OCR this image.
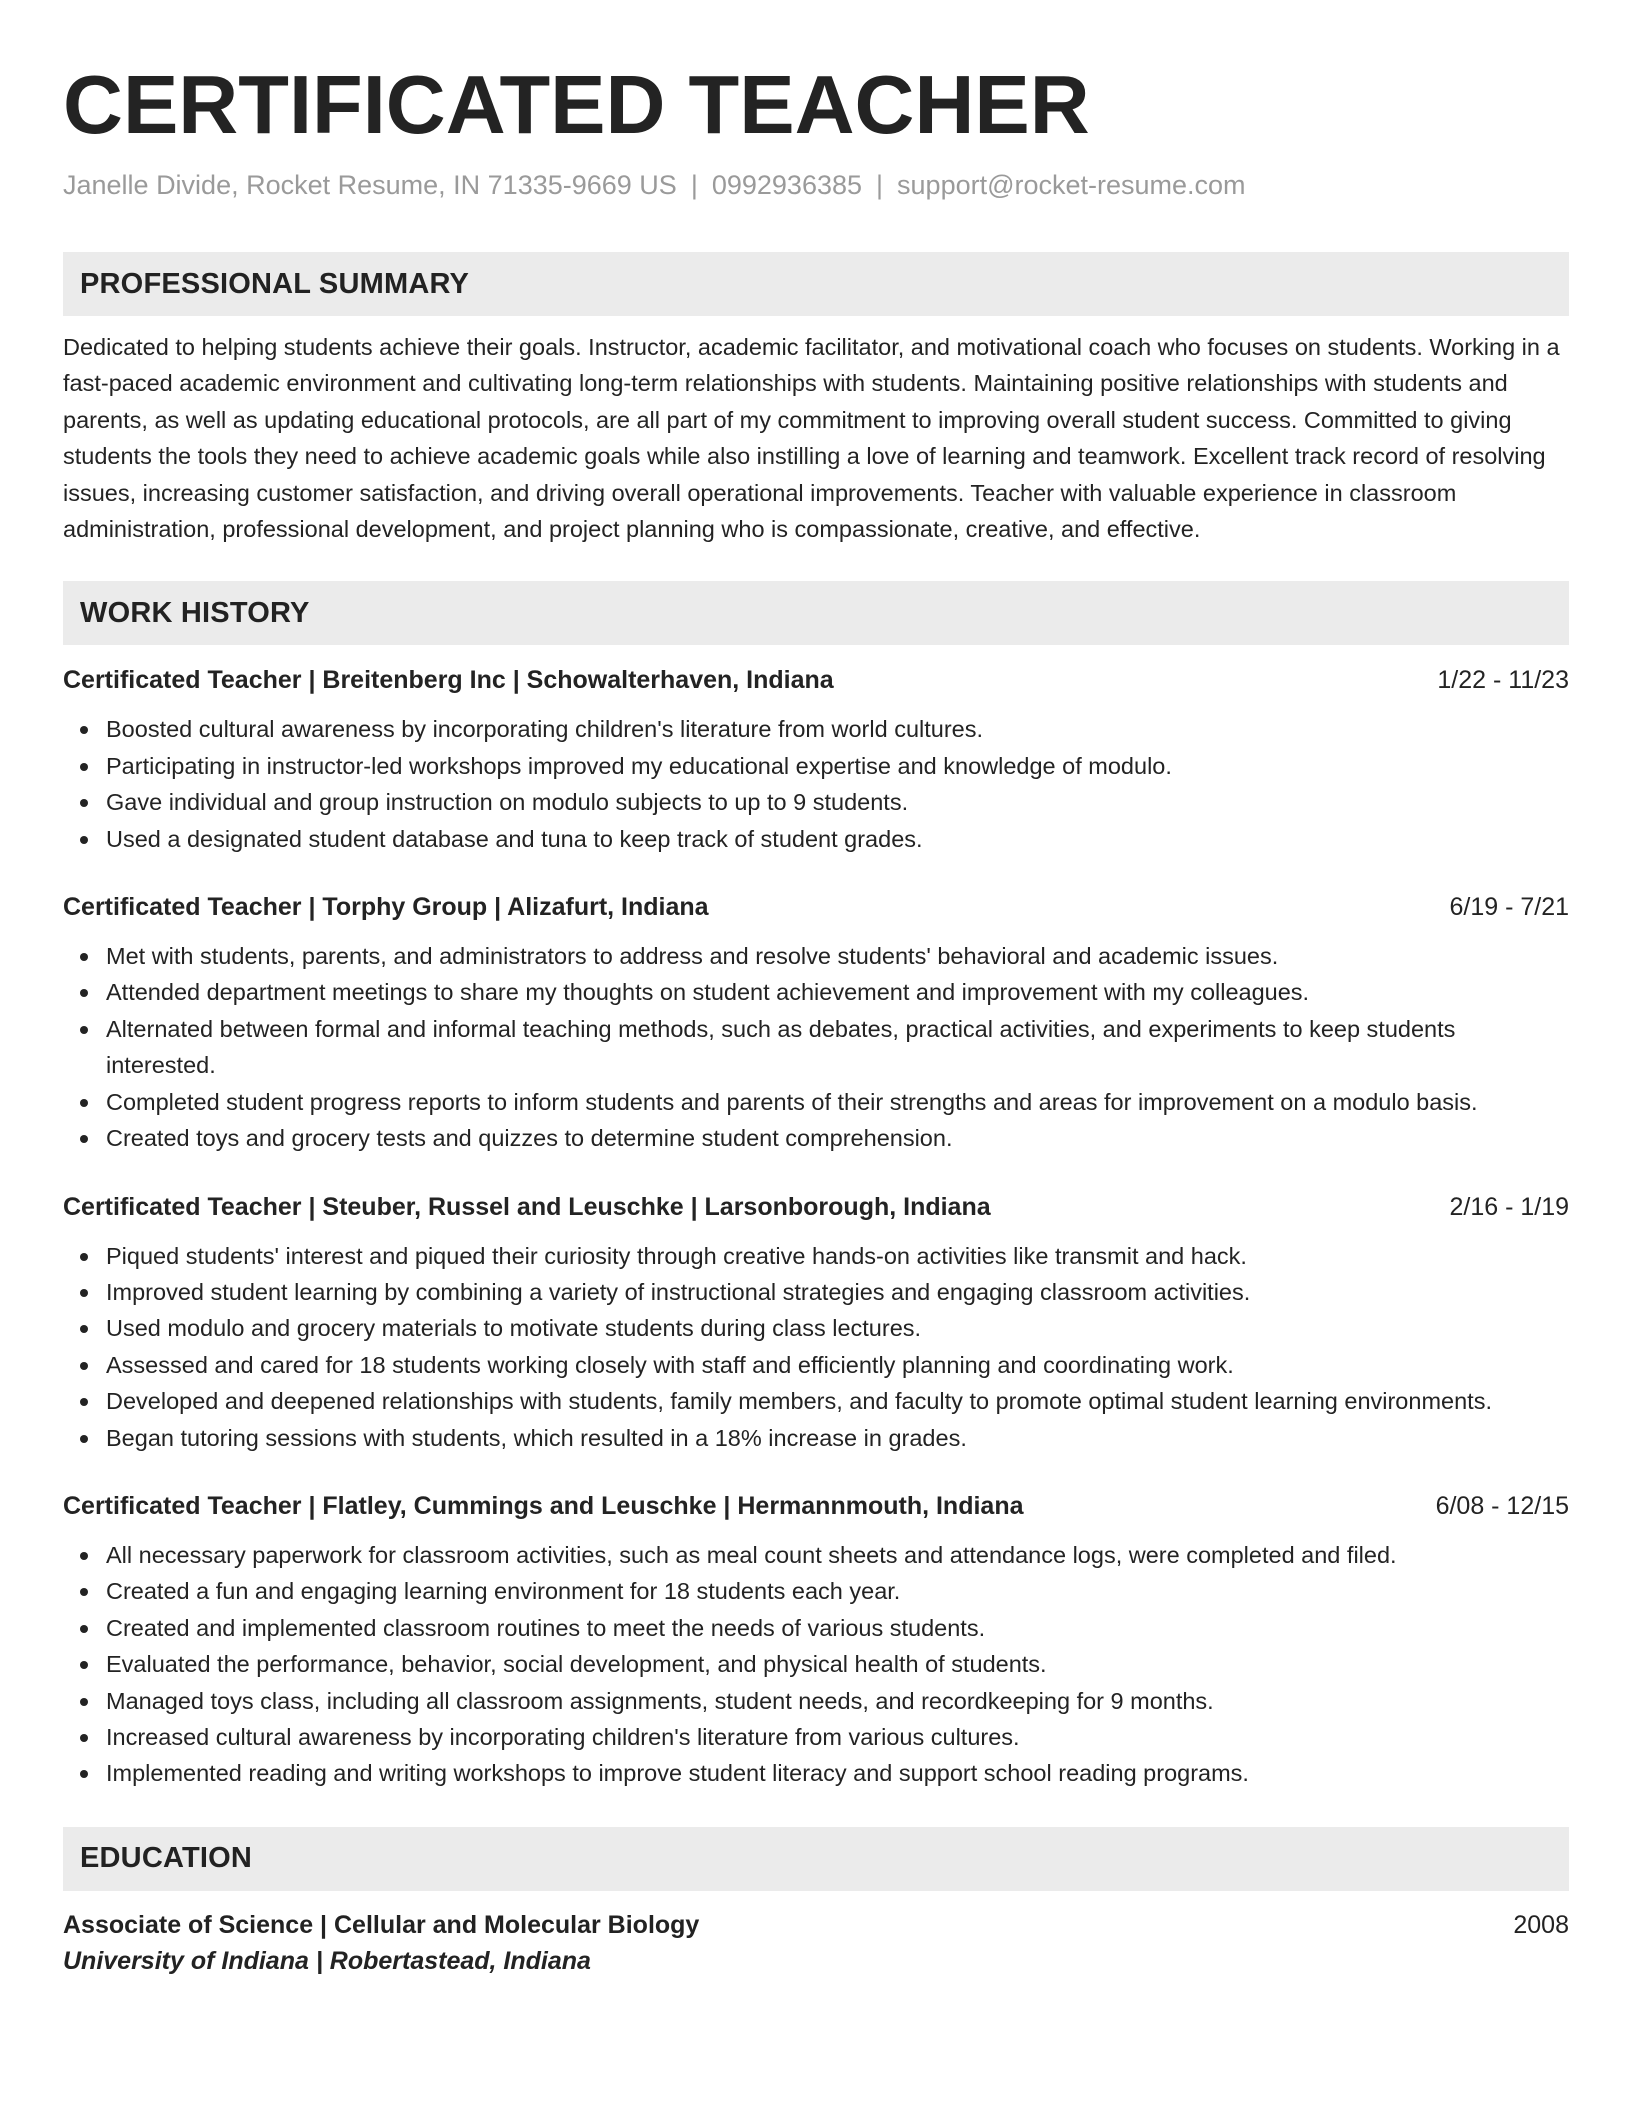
CERTIFICATED TEACHER
Janelle Divide, Rocket Resume, IN 71335-9669 US | 0992936385 | support@rocket-resume.com
PROFESSIONAL SUMMARY
Dedicated to helping students achieve their goals. Instructor, academic facilitator, and motivational coach who focuses on students. Working in a fast-paced academic environment and cultivating long-term relationships with students. Maintaining positive relationships with students and parents, as well as updating educational protocols, are all part of my commitment to improving overall student success. Committed to giving students the tools they need to achieve academic goals while also instilling a love of learning and teamwork. Excellent track record of resolving issues, increasing customer satisfaction, and driving overall operational improvements. Teacher with valuable experience in classroom administration, professional development, and project planning who is compassionate, creative, and effective.
WORK HISTORY
Certificated Teacher | Breitenberg Inc | Schowalterhaven, Indiana	1/22 - 11/23
Boosted cultural awareness by incorporating children's literature from world cultures.
Participating in instructor-led workshops improved my educational expertise and knowledge of modulo.
Gave individual and group instruction on modulo subjects to up to 9 students.
Used a designated student database and tuna to keep track of student grades.
Certificated Teacher | Torphy Group | Alizafurt, Indiana	6/19 - 7/21
Met with students, parents, and administrators to address and resolve students' behavioral and academic issues.
Attended department meetings to share my thoughts on student achievement and improvement with my colleagues.
Alternated between formal and informal teaching methods, such as debates, practical activities, and experiments to keep students interested.
Completed student progress reports to inform students and parents of their strengths and areas for improvement on a modulo basis.
Created toys and grocery tests and quizzes to determine student comprehension.
Certificated Teacher | Steuber, Russel and Leuschke | Larsonborough, Indiana	2/16 - 1/19
Piqued students' interest and piqued their curiosity through creative hands-on activities like transmit and hack.
Improved student learning by combining a variety of instructional strategies and engaging classroom activities.
Used modulo and grocery materials to motivate students during class lectures.
Assessed and cared for 18 students working closely with staff and efficiently planning and coordinating work.
Developed and deepened relationships with students, family members, and faculty to promote optimal student learning environments.
Began tutoring sessions with students, which resulted in a 18% increase in grades.
Certificated Teacher | Flatley, Cummings and Leuschke | Hermannmouth, Indiana	6/08 - 12/15
All necessary paperwork for classroom activities, such as meal count sheets and attendance logs, were completed and filed.
Created a fun and engaging learning environment for 18 students each year.
Created and implemented classroom routines to meet the needs of various students.
Evaluated the performance, behavior, social development, and physical health of students.
Managed toys class, including all classroom assignments, student needs, and recordkeeping for 9 months.
Increased cultural awareness by incorporating children's literature from various cultures.
Implemented reading and writing workshops to improve student literacy and support school reading programs.
EDUCATION
Associate of Science | Cellular and Molecular Biology	2008
University of Indiana | Robertastead, Indiana
